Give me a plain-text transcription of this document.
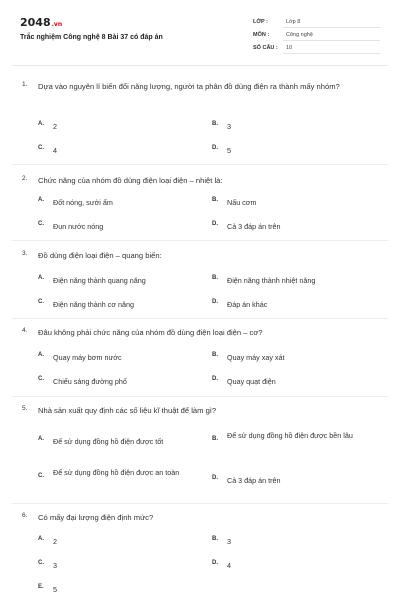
2048.vn
Trắc nghiệm Công nghệ 8 Bài 37 có đáp án
LỚP :	Lớp 8
MÔN :	Công nghệ
SỐ CÂU : 10
1. Dựa vào nguyên lí biến đổi năng lượng, người ta phân đồ dùng điện ra thành mấy nhóm?
A. 2	B. 3
C. 4	D. 5
2. Chức năng của nhóm đồ dùng điện loại điện – nhiệt là:
A. Đốt nóng, sưởi ấm	B. Nấu cơm
C. Đun nước nóng	D. Cả 3 đáp án trên
3. Đồ dùng điện loại điện – quang biến:
A. Điện năng thành quang năng	B. Điện năng thành nhiệt năng
C. Điện năng thành cơ năng	D. Đáp án khác
4. Đâu không phải chức năng của nhóm đồ dùng điện loại điện – cơ?
A. Quay máy bơm nước	B. Quay máy xay xát
C. Chiếu sáng đường phố	D. Quay quạt điện
5. Nhà sản xuất quy định các số liệu kĩ thuật để làm gì?
A. Để sử dụng đồng hồ điện được tốt	B. Để sử dụng đồng hồ điện được bền lâu
C. Để sử dụng đồng hồ điện được an toàn
D. Cả 3 đáp án trên
6. Có mấy đại lượng điện định mức?
A. 2	B. 3
C. 3	D. 4
E. 5
